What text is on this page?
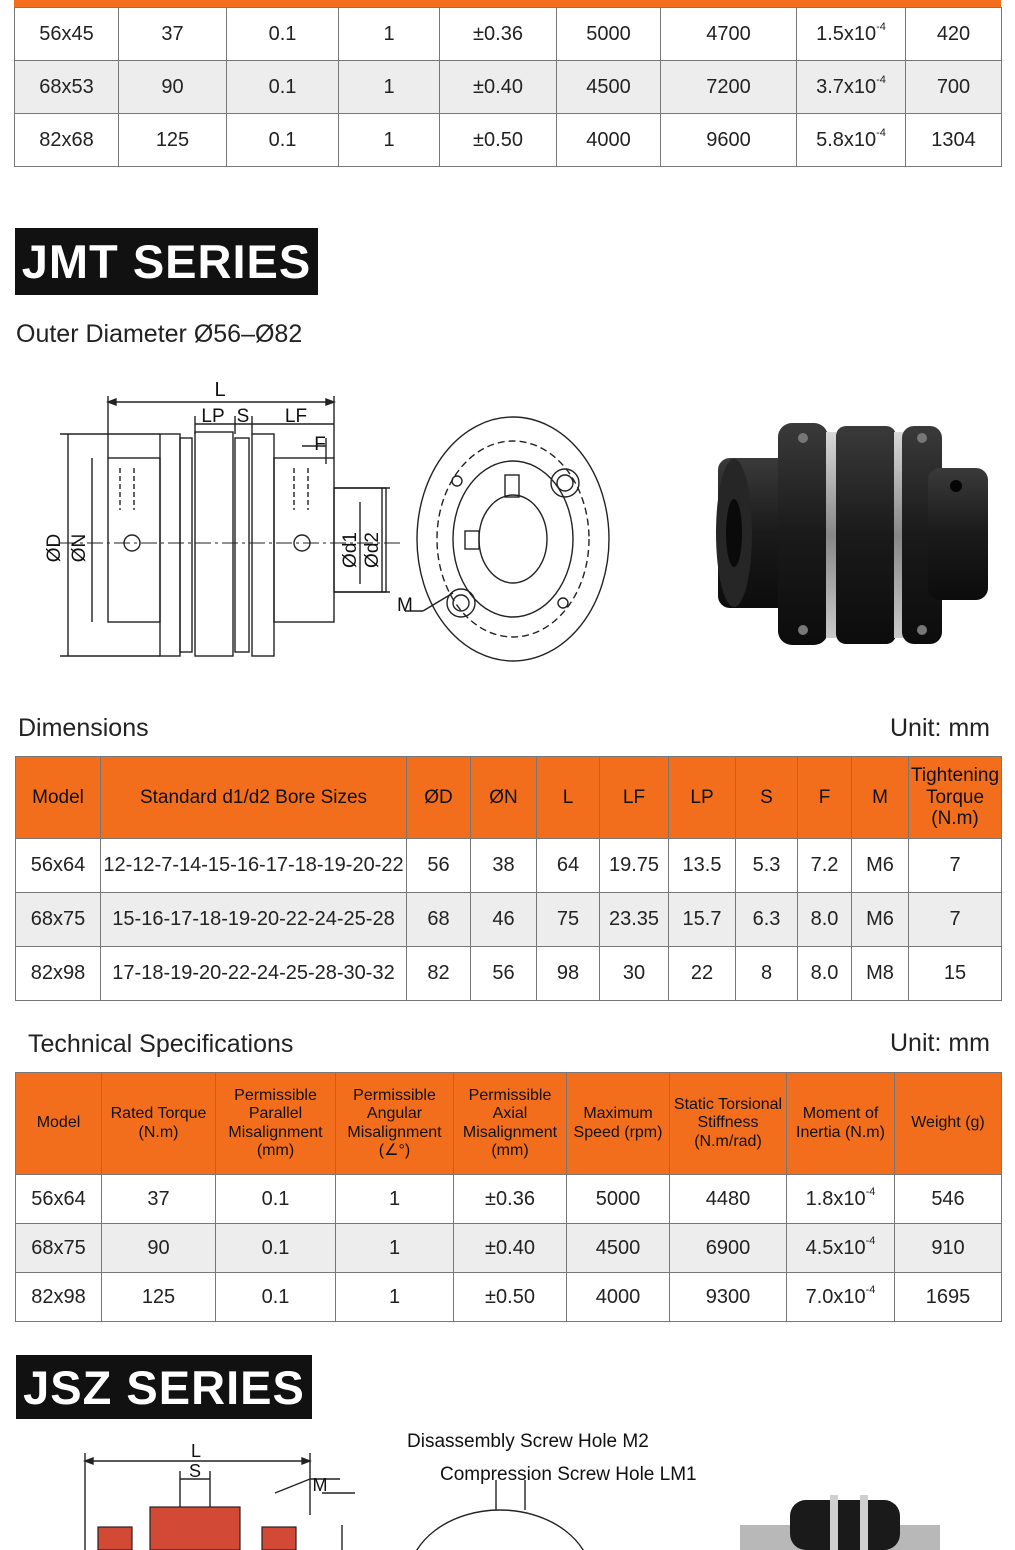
56x45	37	0.1	1	±0.36	5000	4700	$1.5x10^{-4}$	420
68x53	90	0.1	1	±0.40	4500	7200	$3.7x10^{-4}$	700
82x68	125	0.1	1	±0.50	4000	9600	$5.8x10^{-4}$	1304
JMT SERIES
Outer Diameter Ø56–Ø82
L
LP S LF
F
ØD ØN	Ød1 Ød2
M
Dimensions	Unit: mm
Model	Standard d1/d2 Bore Sizes	ØD	ØN	L	LF	LP	S	F	M	Tightening Torque (N.m)
56x64	12-12-7-14-15-16-17-18-19-20-22	56	38	64	19.75	13.5	5.3	7.2	M6	7
68x75	15-16-17-18-19-20-22-24-25-28	68	46	75	23.35	15.7	6.3	8.0	M6	7
82x98	17-18-19-20-22-24-25-28-30-32	82	56	98	30	22	8	8.0	M8	15
Technical Specifications	Unit: mm
Model	Rated Torque (N.m)	Permissible Parallel Misalignment (mm)	Permissible Angular Misalignment (∠°)	Permissible Axial Misalignment (mm)	Maximum Speed (rpm)	Static Torsional Stiffness (N.m/rad)	Moment of Inertia (N.m)	Weight (g)
56x64	37	0.1	1	±0.36	5000	4480	$1.8x10^{-4}$	546
68x75	90	0.1	1	±0.40	4500	6900	$4.5x10^{-4}$	910
82x98	125	0.1	1	±0.50	4000	9300	$7.0x10^{-4}$	1695
JSZ SERIES
Disassembly Screw Hole M2
Compression Screw Hole LM1
L
S
M
